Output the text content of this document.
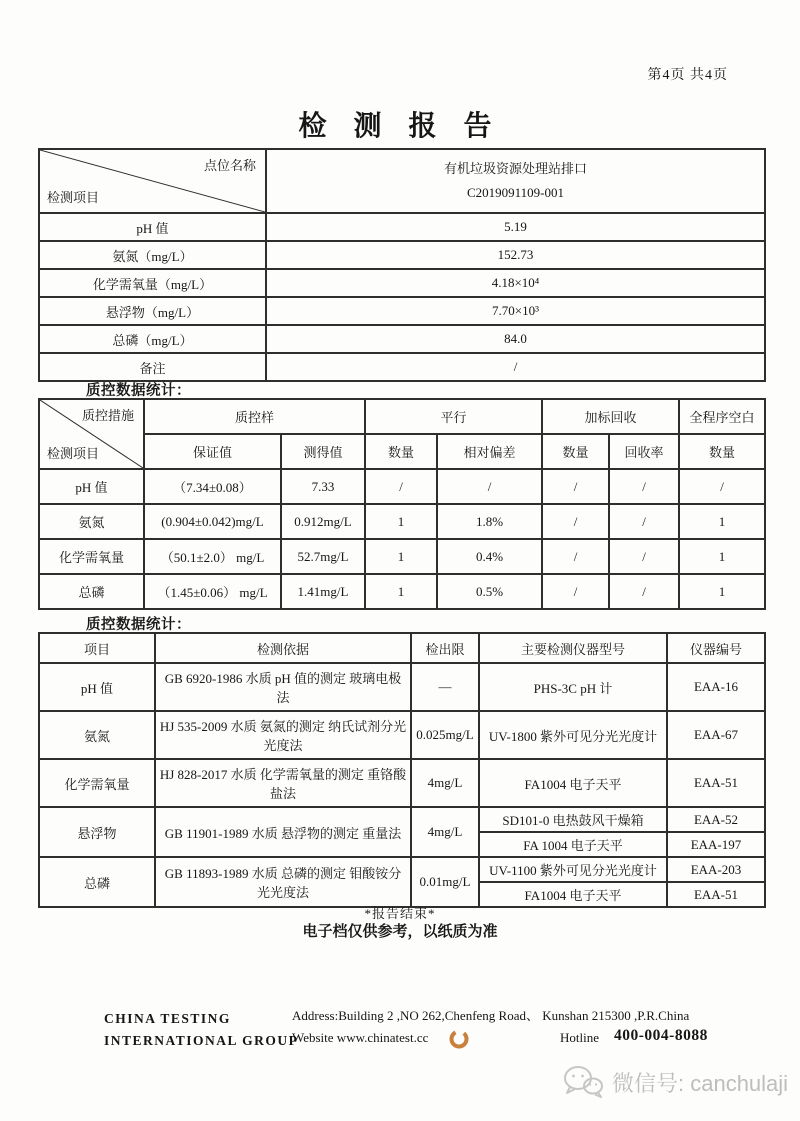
第4页 共4页
检 测 报 告
点位名称
检测项目

有机垃圾资源处理站排口
C2019091109-001

pH 值	5.19
氨氮（mg/L）	152.73
化学需氧量（mg/L）	4.18×10⁴
悬浮物（mg/L）	7.70×10³
总磷（mg/L）	84.0
备注	/
质控数据统计：
质控措施
检测项目	质控样		平行		加标回收		全程序空白
	保证值	测得值	数量	相对偏差	数量	回收率	数量
pH 值	（7.34±0.08）	7.33	/	/	/	/	/
氨氮	(0.904±0.042)mg/L	0.912mg/L	1	1.8%	/	/	1
化学需氧量	（50.1±2.0） mg/L	52.7mg/L	1	0.4%	/	/	1
总磷	（1.45±0.06） mg/L	1.41mg/L	1	0.5%	/	/	1
质控数据统计：
项目	检测依据	检出限	主要检测仪器型号	仪器编号
pH 值	GB 6920-1986 水质 pH 值的测定 玻璃电极法	—	PHS-3C pH 计	EAA-16
氨氮	HJ 535-2009 水质 氨氮的测定 纳氏试剂分光光度法	0.025mg/L	UV-1800 紫外可见分光光度计	EAA-67
化学需氧量	HJ 828-2017 水质 化学需氧量的测定 重铬酸盐法	4mg/L	FA1004 电子天平	EAA-51
悬浮物	GB 11901-1989 水质 悬浮物的测定 重量法	4mg/L	SD101-0 电热鼓风干燥箱	EAA-52
			FA 1004 电子天平	EAA-197
总磷	GB 11893-1989 水质 总磷的测定 钼酸铵分光光度法	0.01mg/L	UV-1100 紫外可见分光光度计	EAA-203
			FA1004 电子天平	EAA-51
*报告结束*
电子档仅供参考，以纸质为准
CHINA TESTING
INTERNATIONAL GROUP
Address:Building 2 ,NO 262,Chenfeng Road、 Kunshan 215300 ,P.R.China
Website www.chinatest.cc	Hotline 400-004-8088
微信号: canchulaji
